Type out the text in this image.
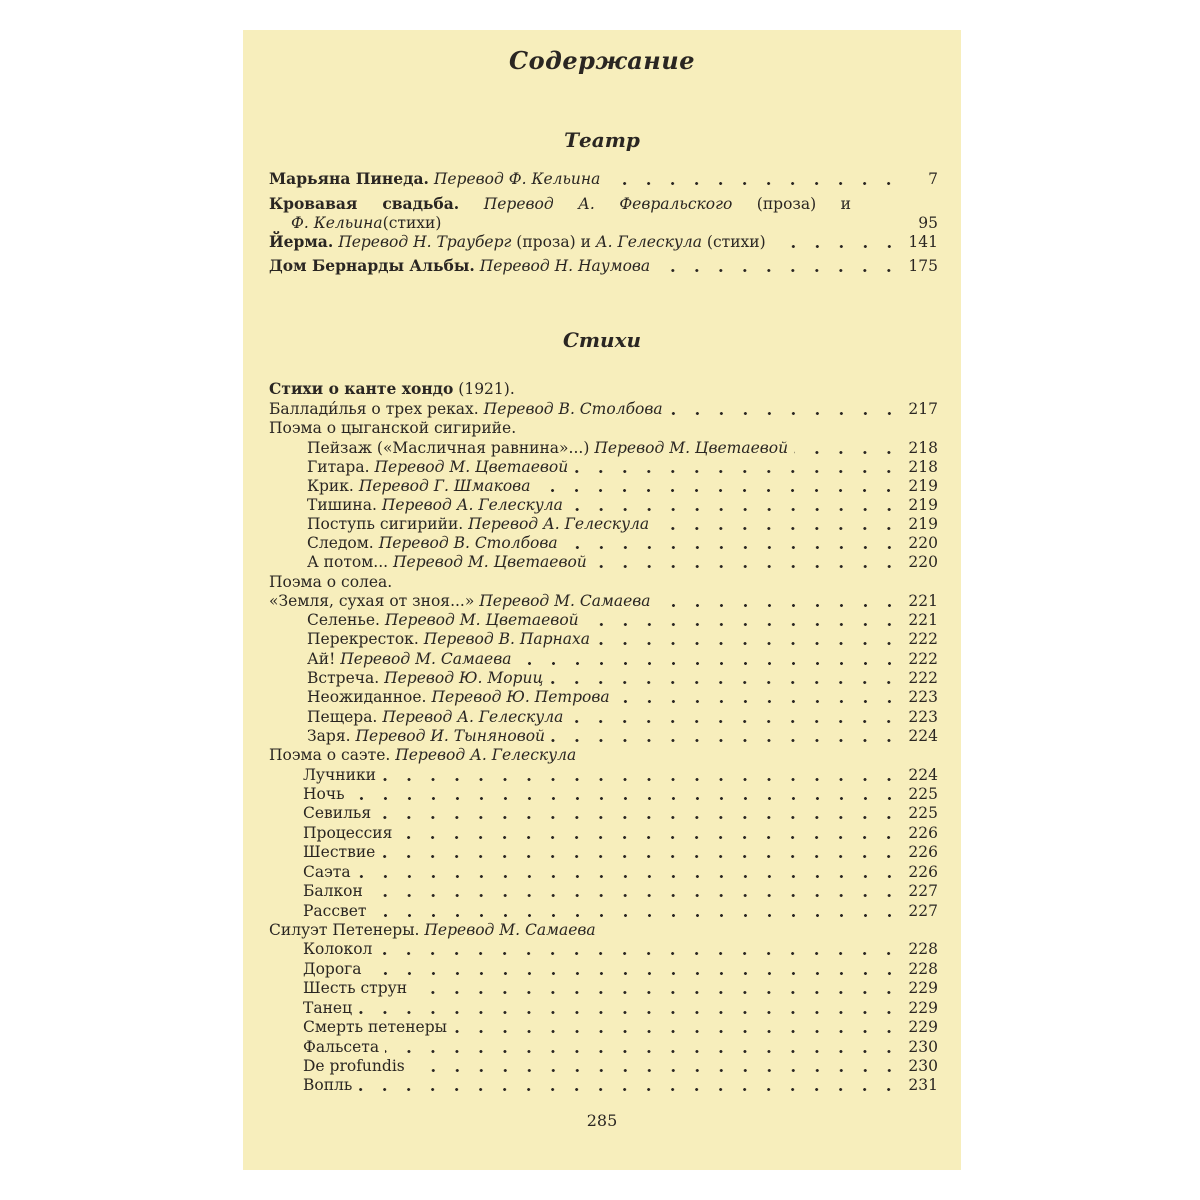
Содержание
Театр
Стихи
Марьяна Пинеда. Перевод Ф. Кельина	7
Кровавая свадьба. Перевод А. Февральского (проза) и
Ф. Кельина (стихи)	95
Йерма. Перевод Н. Трауберг (проза) и А. Гелескула (стихи)	141
Дом Бернарды Альбы. Перевод Н. Наумова	175
Стихи о канте хондо (1921).
Баллади́лья о трех реках. Перевод В. Столбова	217
Поэма о цыганской сигирийе.
Пейзаж («Масличная равнина»...) Перевод М. Цветаевой	218
Гитара. Перевод М. Цветаевой	218
Крик. Перевод Г. Шмакова	219
Тишина. Перевод А. Гелескула	219
Поступь сигирийи. Перевод А. Гелескула	219
Следом. Перевод В. Столбова	220
А потом... Перевод М. Цветаевой	220
Поэма о солеа.
«Земля, сухая от зноя...» Перевод М. Самаева	221
Селенье. Перевод М. Цветаевой	221
Перекресток. Перевод В. Парнаха	222
Ай! Перевод М. Самаева	222
Встреча. Перевод Ю. Мориц	222
Неожиданное. Перевод Ю. Петрова	223
Пещера. Перевод А. Гелескула	223
Заря. Перевод И. Тыняновой	224
Поэма о саэте. Перевод А. Гелескула
Лучники	224
Ночь	225
Севилья	225
Процессия	226
Шествие	226
Саэта	226
Балкон	227
Рассвет	227
Силуэт Петенеры. Перевод М. Самаева
Колокол	228
Дорога	228
Шесть струн	229
Танец	229
Смерть петенеры	229
Фальсета	230
De profundis	230
Вопль	231
285
